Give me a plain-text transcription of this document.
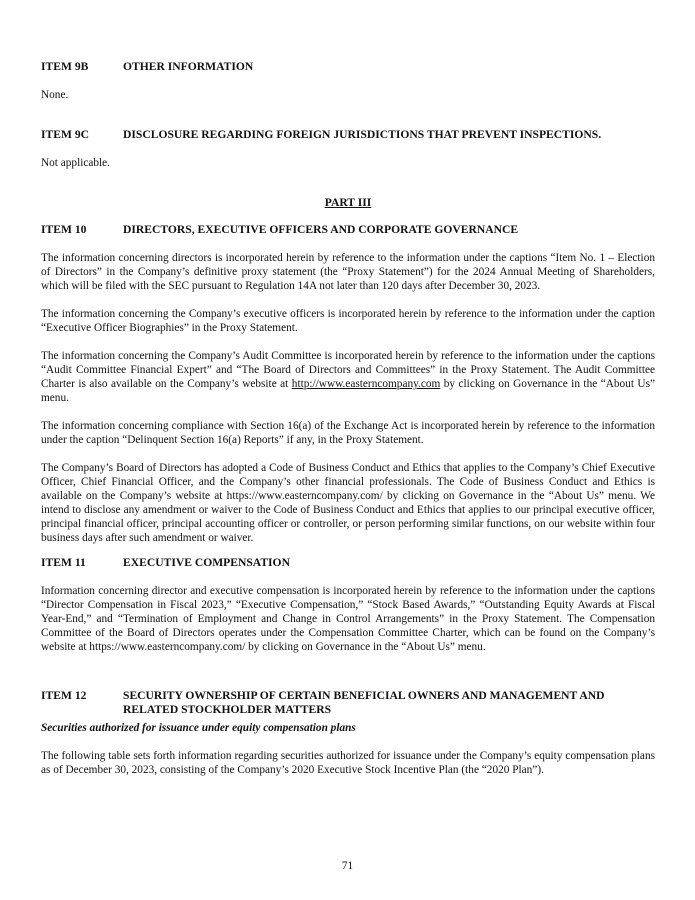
ITEM 9B	OTHER INFORMATION

None.

ITEM 9C	DISCLOSURE REGARDING FOREIGN JURISDICTIONS THAT PREVENT INSPECTIONS.

Not applicable.

PART III
ITEM 10	DIRECTORS, EXECUTIVE OFFICERS AND CORPORATE GOVERNANCE

The information concerning directors is incorporated herein by reference to the information under the captions “Item No. 1 – Election of Directors” in the Company’s definitive proxy statement (the “Proxy Statement”) for the 2024 Annual Meeting of Shareholders, which will be filed with the SEC pursuant to Regulation 14A not later than 120 days after December 30, 2023.

The information concerning the Company’s executive officers is incorporated herein by reference to the information under the caption “Executive Officer Biographies” in the Proxy Statement.

The information concerning the Company’s Audit Committee is incorporated herein by reference to the information under the captions “Audit Committee Financial Expert” and “The Board of Directors and Committees” in the Proxy Statement. The Audit Committee Charter is also available on the Company’s website at http://www.easterncompany.com by clicking on Governance in the “About Us” menu.

The information concerning compliance with Section 16(a) of the Exchange Act is incorporated herein by reference to the information under the caption “Delinquent Section 16(a) Reports” if any, in the Proxy Statement.

The Company’s Board of Directors has adopted a Code of Business Conduct and Ethics that applies to the Company’s Chief Executive Officer, Chief Financial Officer, and the Company’s other financial professionals. The Code of Business Conduct and Ethics is available on the Company’s website at https://www.easterncompany.com/ by clicking on Governance in the “About Us” menu. We intend to disclose any amendment or waiver to the Code of Business Conduct and Ethics that applies to our principal executive officer, principal financial officer, principal accounting officer or controller, or person performing similar functions, on our website within four business days after such amendment or waiver.

ITEM 11	EXECUTIVE COMPENSATION

Information concerning director and executive compensation is incorporated herein by reference to the information under the captions “Director Compensation in Fiscal 2023,” “Executive Compensation,” “Stock Based Awards,” “Outstanding Equity Awards at Fiscal Year-End,” and “Termination of Employment and Change in Control Arrangements” in the Proxy Statement. The Compensation Committee of the Board of Directors operates under the Compensation Committee Charter, which can be found on the Company’s website at https://www.easterncompany.com/ by clicking on Governance in the “About Us” menu.

ITEM 12	SECURITY OWNERSHIP OF CERTAIN BENEFICIAL OWNERS AND MANAGEMENT AND RELATED STOCKHOLDER MATTERS
Securities authorized for issuance under equity compensation plans

The following table sets forth information regarding securities authorized for issuance under the Company’s equity compensation plans as of December 30, 2023, consisting of the Company’s 2020 Executive Stock Incentive Plan (the “2020 Plan”).

71
